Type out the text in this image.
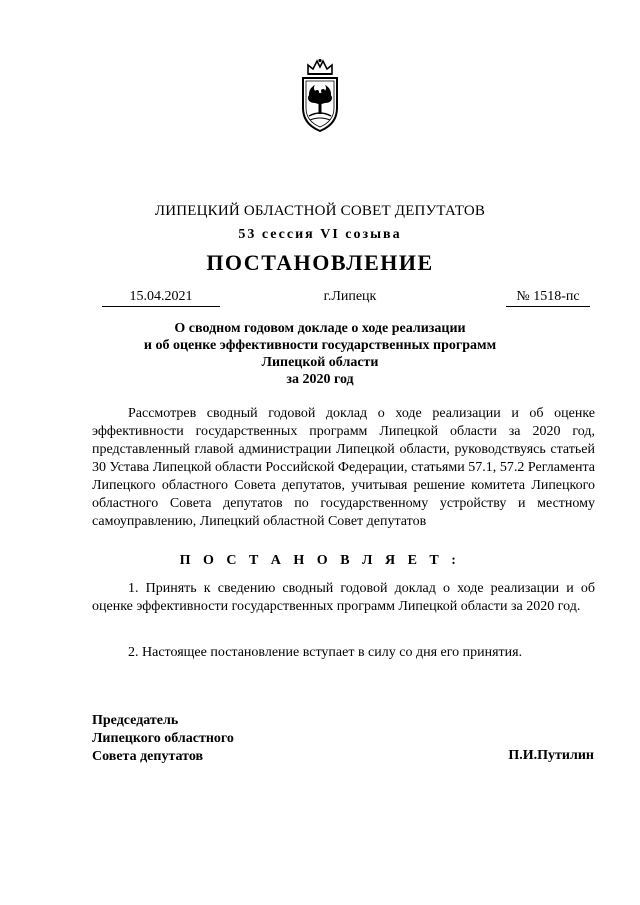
ЛИПЕЦКИЙ ОБЛАСТНОЙ СОВЕТ ДЕПУТАТОВ
53 сессия VI созыва
ПОСТАНОВЛЕНИЕ
15.04.2021	г.Липецк	№ 1518-пс
О сводном годовом докладе о ходе реализации
и об оценке эффективности государственных программ
Липецкой области
за 2020 год
Рассмотрев сводный годовой доклад о ходе реализации и об оценке эффективности государственных программ Липецкой области за 2020 год, представленный главой администрации Липецкой области, руководствуясь статьей 30 Устава Липецкой области Российской Федерации, статьями 57.1, 57.2 Регламента Липецкого областного Совета депутатов, учитывая решение комитета Липецкого областного Совета депутатов по государственному устройству и местному самоуправлению, Липецкий областной Совет депутатов
П О С Т А Н О В Л Я Е Т :
1. Принять к сведению сводный годовой доклад о ходе реализации и об оценке эффективности государственных программ Липецкой области за 2020 год.
2. Настоящее постановление вступает в силу со дня его принятия.
Председатель
Липецкого областного
Совета депутатов	П.И.Путилин
